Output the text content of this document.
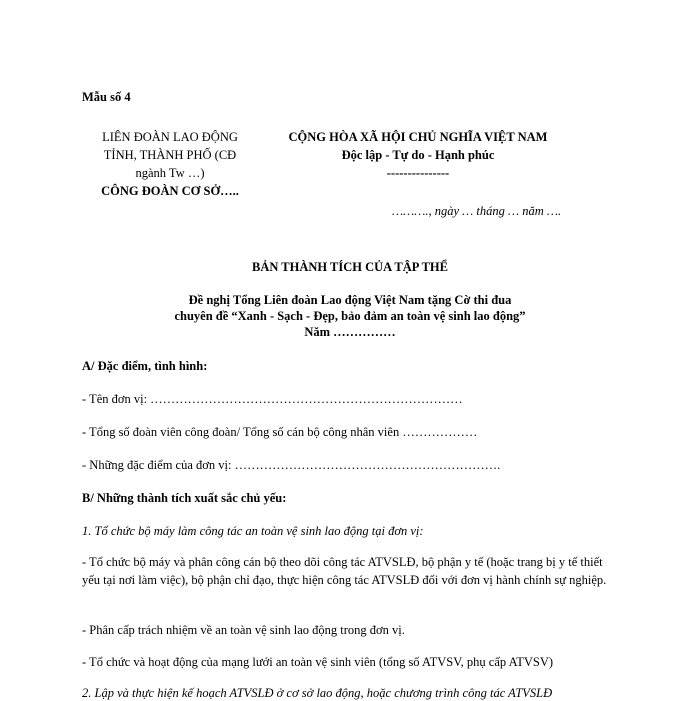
Mẫu số 4
LIÊN ĐOÀN LAO ĐỘNG
TỈNH, THÀNH PHỐ (CĐ
ngành Tw …)
CÔNG ĐOÀN CƠ SỞ…..
CỘNG HÒA XÃ HỘI CHỦ NGHĨA VIỆT NAM
Độc lập - Tự do - Hạnh phúc
---------------
………., ngày … tháng … năm ….
BẢN THÀNH TÍCH CỦA TẬP THỂ
Đề nghị Tổng Liên đoàn Lao động Việt Nam tặng Cờ thi đua
chuyên đề “Xanh - Sạch - Đẹp, bảo đảm an toàn vệ sinh lao động”
Năm ……………
A/ Đặc điểm, tình hình:
- Tên đơn vị: …………………………………………………………………
- Tổng số đoàn viên công đoàn/ Tổng số cán bộ công nhân viên ………………
- Những đặc điểm của đơn vị: ……………………………………………………….
B/ Những thành tích xuất sắc chủ yếu:
1. Tổ chức bộ máy làm công tác an toàn vệ sinh lao động tại đơn vị:
- Tổ chức bộ máy và phân công cán bộ theo dõi công tác ATVSLĐ, bộ phận y tế (hoặc trang bị y tế thiết yếu tại nơi làm việc), bộ phận chỉ đạo, thực hiện công tác ATVSLĐ đối với đơn vị hành chính sự nghiệp.
- Phân cấp trách nhiệm về an toàn vệ sinh lao động trong đơn vị.
- Tổ chức và hoạt động của mạng lưới an toàn vệ sinh viên (tổng số ATVSV, phụ cấp ATVSV)
2. Lập và thực hiện kế hoạch ATVSLĐ ở cơ sở lao động, hoặc chương trình công tác ATVSLĐ
